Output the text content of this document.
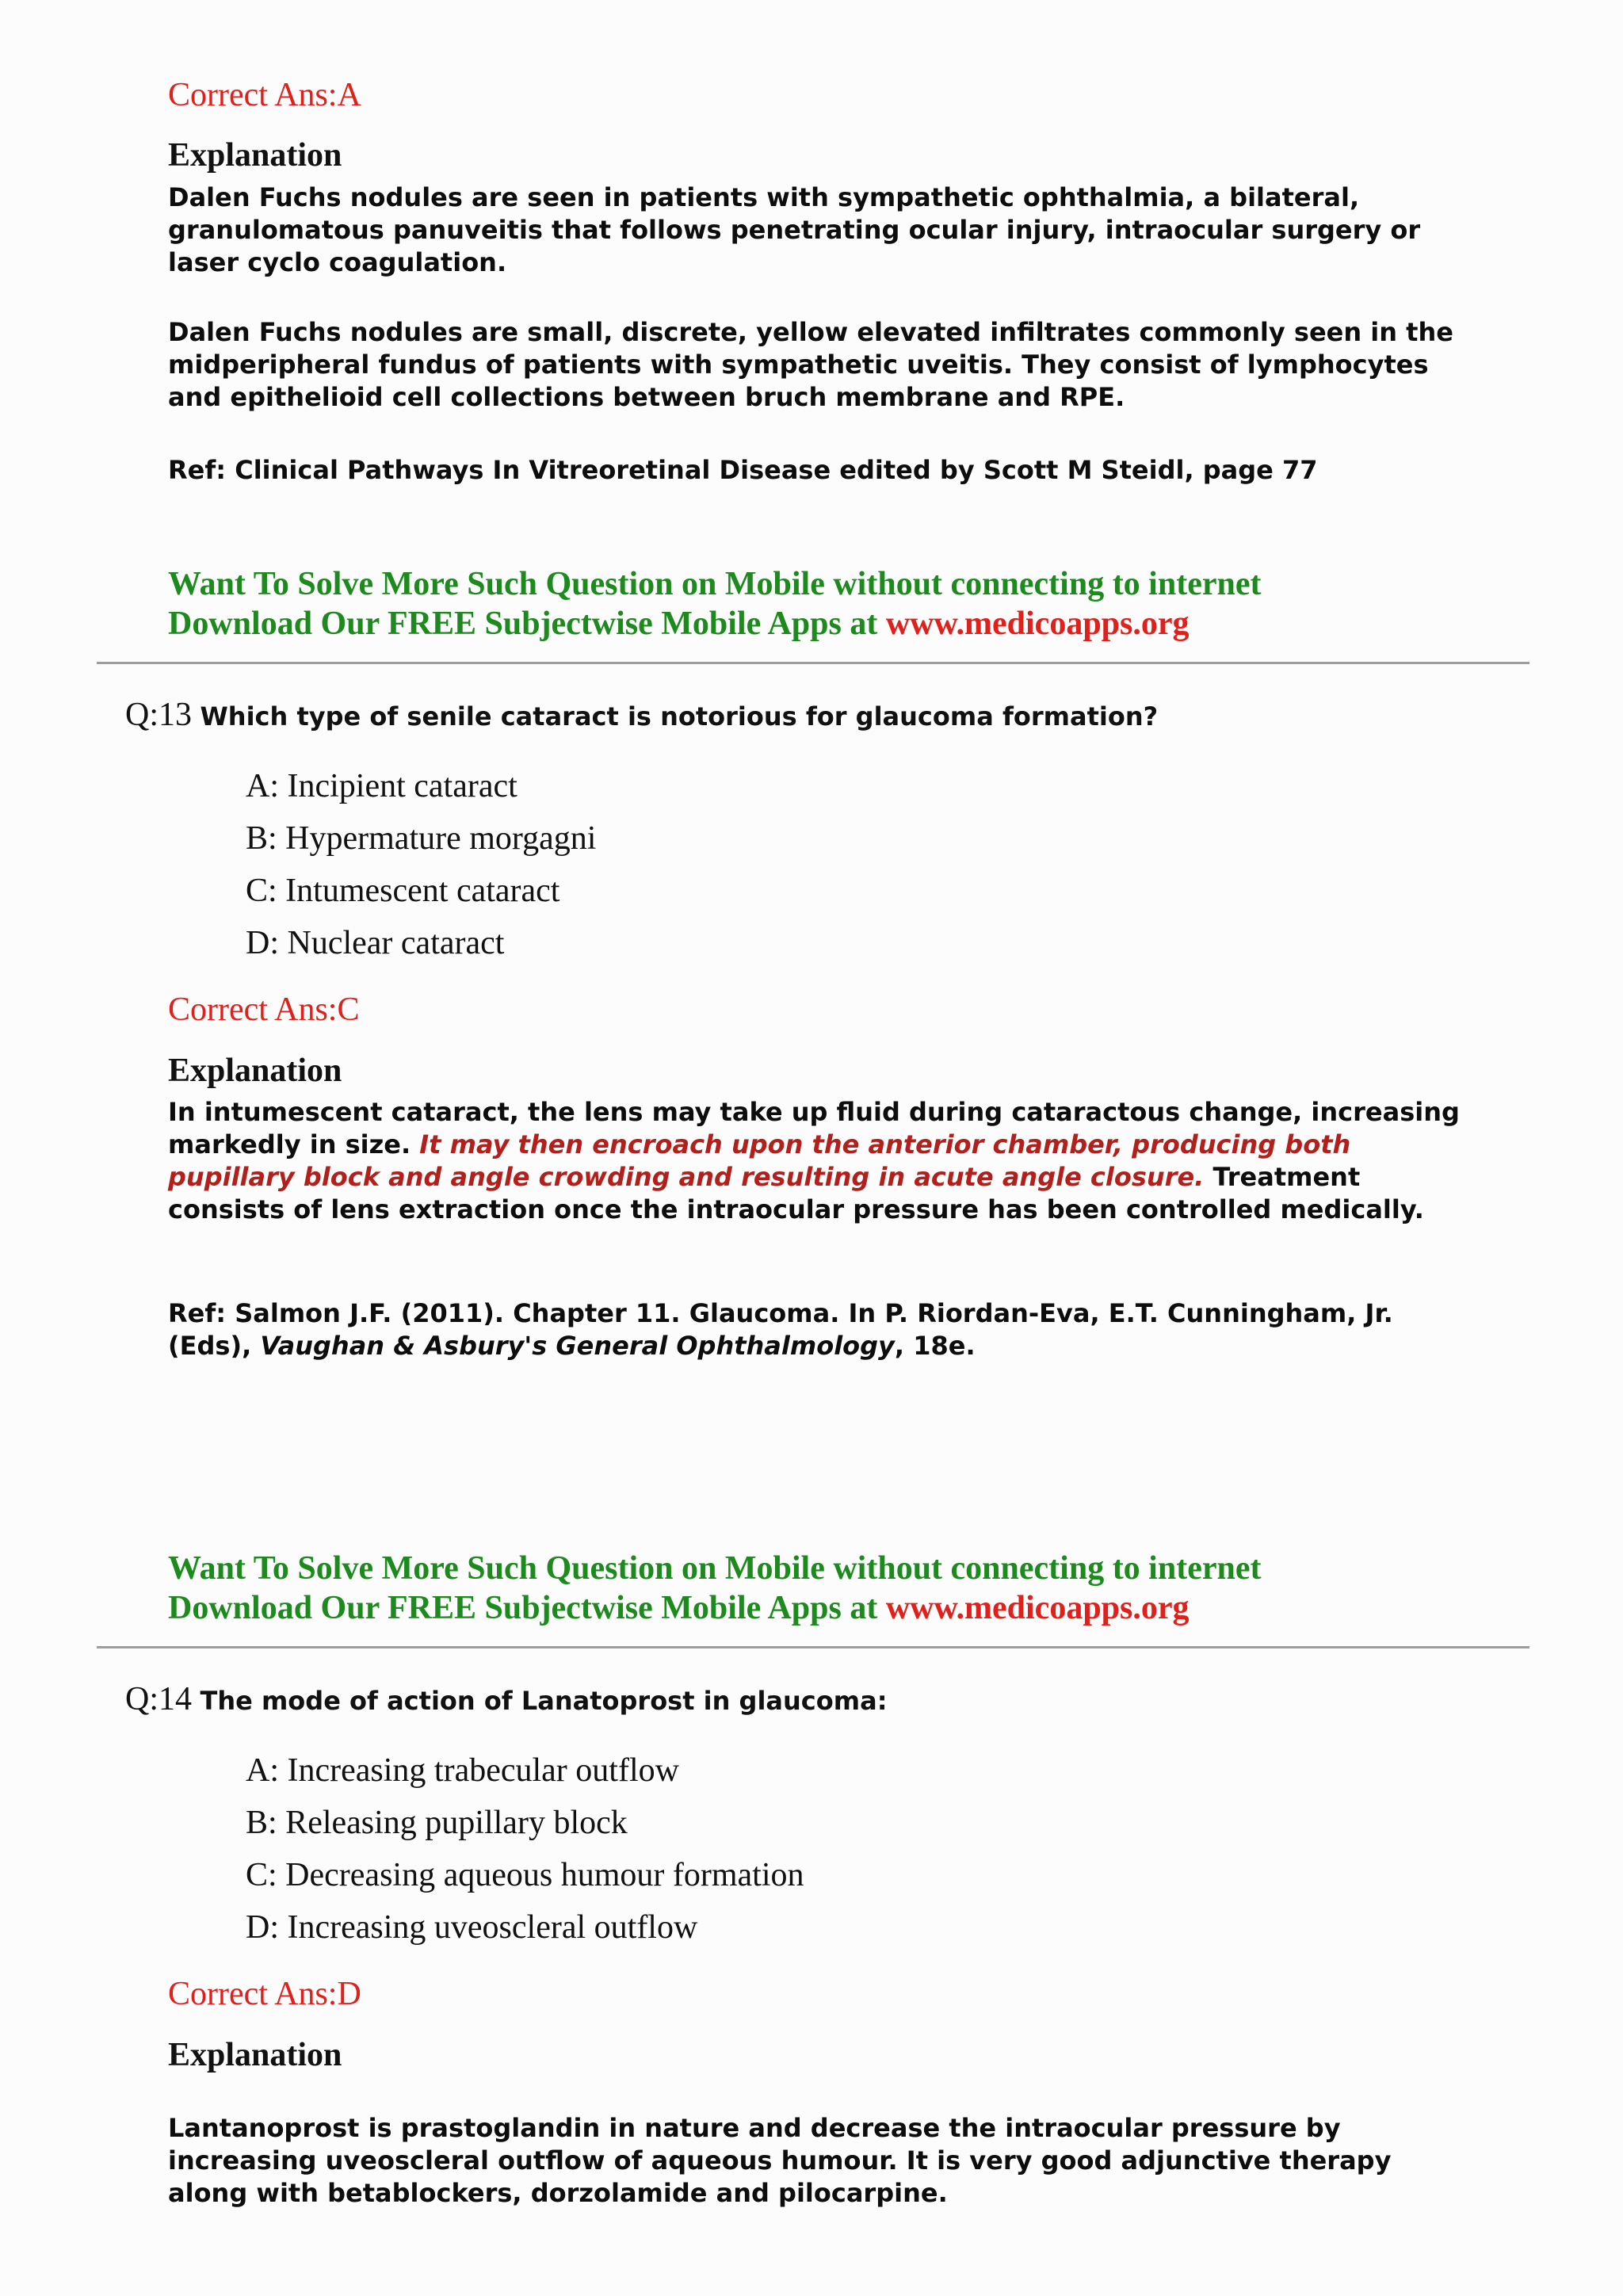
Correct Ans:A
Explanation

Dalen Fuchs nodules are seen in patients with sympathetic ophthalmia, a bilateral, granulomatous panuveitis that follows penetrating ocular injury, intraocular surgery or laser cyclo coagulation.

Dalen Fuchs nodules are small, discrete, yellow elevated infiltrates commonly seen in the midperipheral fundus of patients with sympathetic uveitis. They consist of lymphocytes and epithelioid cell collections between bruch membrane and RPE.

Ref: Clinical Pathways In Vitreoretinal Disease edited by Scott M Steidl, page 77

Want To Solve More Such Question on Mobile without connecting to internet
Download Our FREE Subjectwise Mobile Apps at www.medicoapps.org
Q:13 Which type of senile cataract is notorious for glaucoma formation?
A: Incipient cataract
B: Hypermature morgagni
C: Intumescent cataract
D: Nuclear cataract
Correct Ans:C
Explanation

In intumescent cataract, the lens may take up fluid during cataractous change, increasing markedly in size. It may then encroach upon the anterior chamber, producing both pupillary block and angle crowding and resulting in acute angle closure. Treatment consists of lens extraction once the intraocular pressure has been controlled medically.

Ref: Salmon J.F. (2011). Chapter 11. Glaucoma. In P. Riordan-Eva, E.T. Cunningham, Jr. (Eds), Vaughan & Asbury's General Ophthalmology, 18e.

Want To Solve More Such Question on Mobile without connecting to internet
Download Our FREE Subjectwise Mobile Apps at www.medicoapps.org
Q:14 The mode of action of Lanatoprost in glaucoma:
A: Increasing trabecular outflow
B: Releasing pupillary block
C: Decreasing aqueous humour formation
D: Increasing uveoscleral outflow
Correct Ans:D
Explanation

Lantanoprost is prastoglandin in nature and decrease the intraocular pressure by increasing uveoscleral outflow of aqueous humour. It is very good adjunctive therapy along with betablockers, dorzolamide and pilocarpine.
